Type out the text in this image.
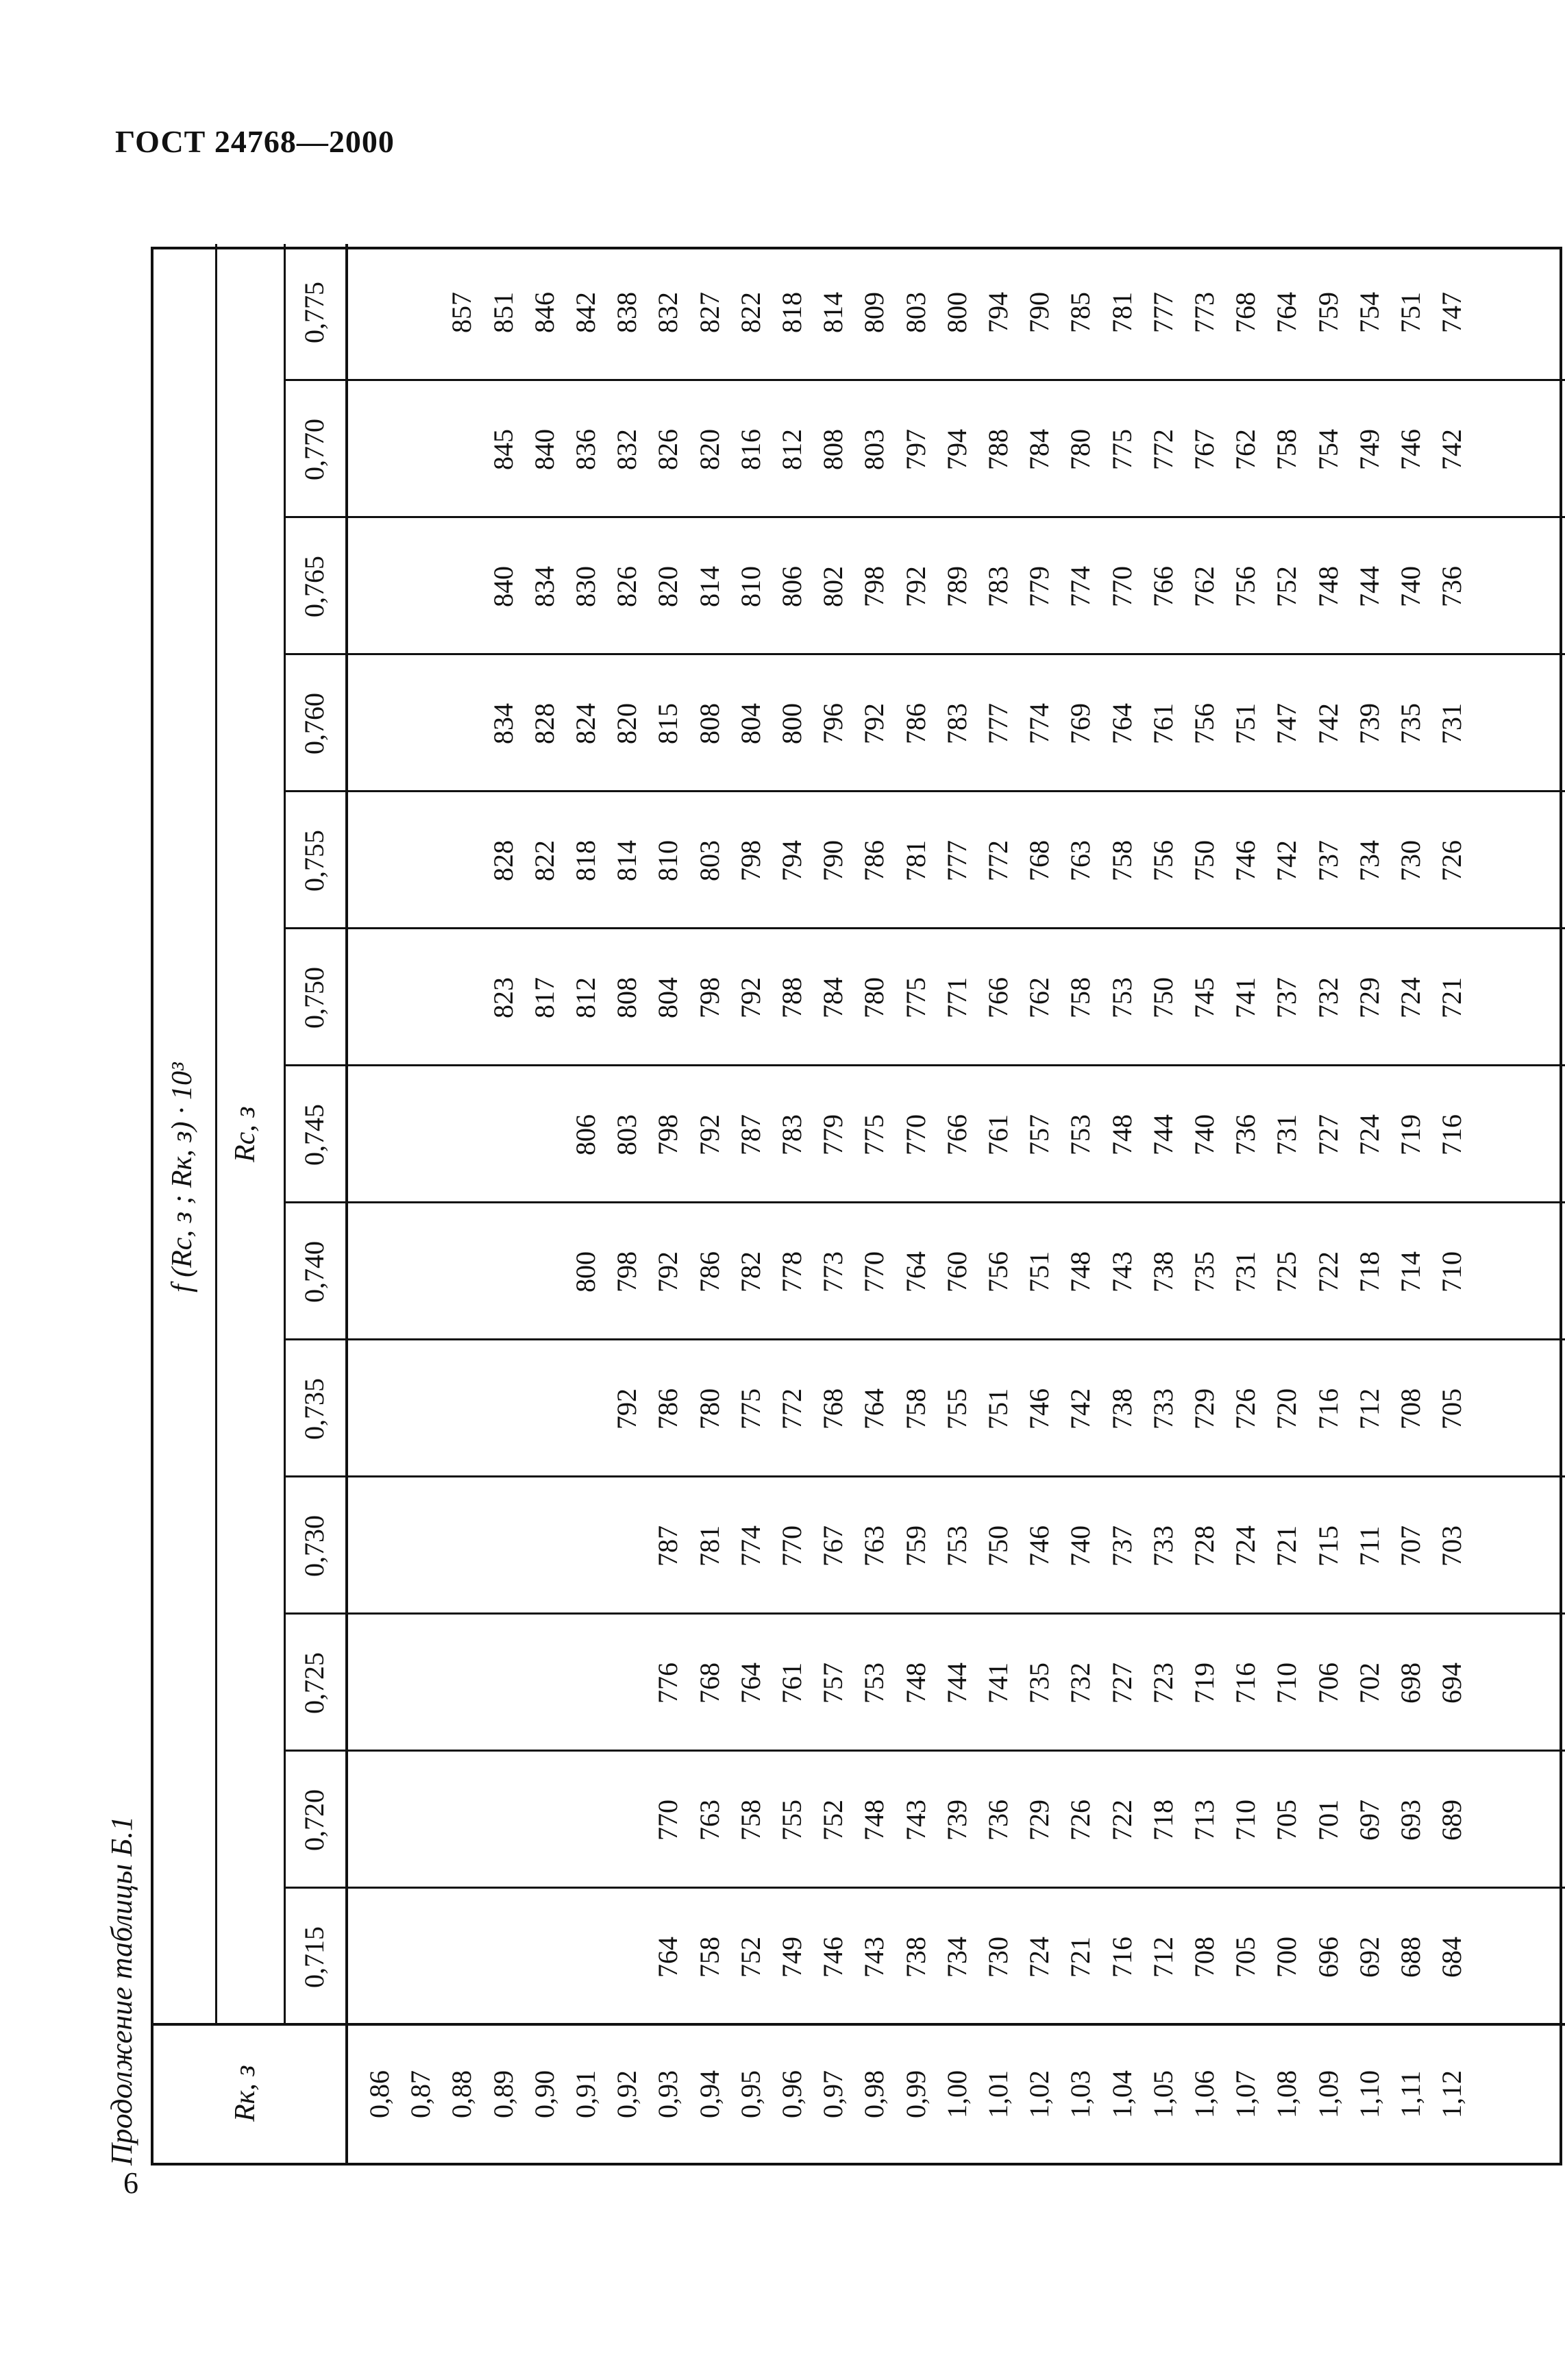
ГОСТ 24768—2000
6
Продолжение таблицы Б.1	Rк, з
f (Rc, з ; Rк, з) · 10³ Rc, з
0,715
0,720
0,725
0,730
0,735
0,740
0,745
0,750
0,755
0,760
0,765
0,770
0,775
0,86 0,87 0,88
857
0,89
823
828
834
840
845
851
0,90
817
822
828
834
840
846
0,91
800
806
812
818
824
830
836
842
0,92
792
798
803
808
814
820
826
832
838
0,93
764
770
776
787
786
792
798
804
810
815
820
826
832
0,94
758
763
768
781
780
786
792
798
803
808
814
820
827
0,95
752
758
764
774
775
782
787
792
798
804
810
816
822
0,96
749
755
761
770
772
778
783
788
794
800
806
812
818
0,97
746
752
757
767
768
773
779
784
790
796
802
808
814
0,98
743
748
753
763
764
770
775
780
786
792
798
803
809
0,99
738
743
748
759
758
764
770
775
781
786
792
797
803
1,00
734
739
744
753
755
760
766
771
777
783
789
794
800
1,01
730
736
741
750
751
756
761
766
772
777
783
788
794
1,02
724
729
735
746
746
751
757
762
768
774
779
784
790
1,03
721
726
732
740
742
748
753
758
763
769
774
780
785
1,04
716
722
727
737
738
743
748
753
758
764
770
775
781
1,05
712
718
723
733
733
738
744
750
756
761
766
772
777
1,06
708
713
719
728
729
735
740
745
750
756
762
767
773
1,07
705
710
716
724
726
731
736
741
746
751
756
762
768
1,08
700
705
710
721
720
725
731
737
742
747
752
758
764
1,09
696
701
706
715
716
722
727
732
737
742
748
754
759
1,10
692
697
702
711
712
718
724
729
734
739
744
749
754
1,11
688
693
698
707
708
714
719
724
730
735
740
746
751
1,12
684
689
694
703
705
710
716
721
726
731
736
742
747
